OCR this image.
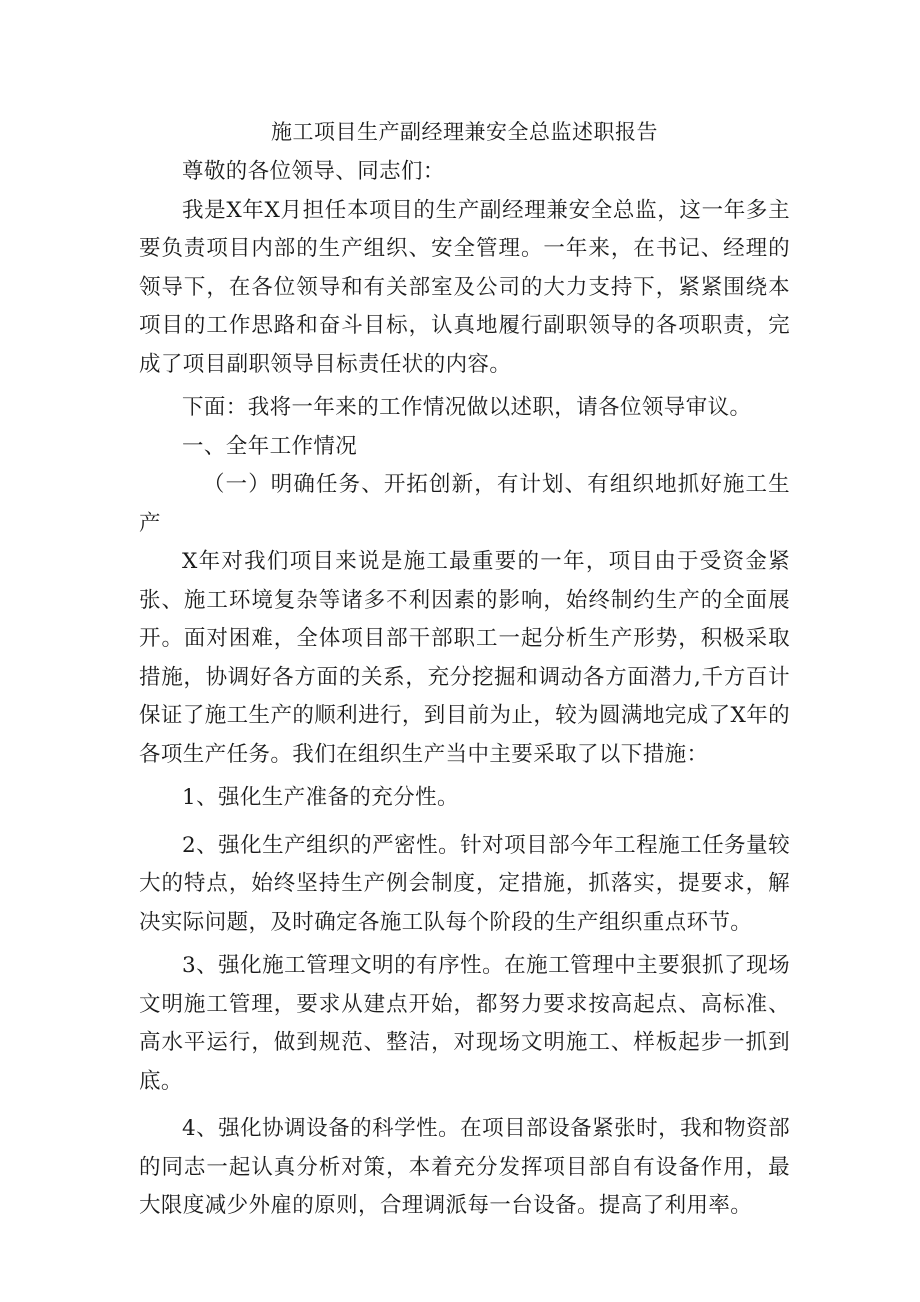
施工项目生产副经理兼安全总监述职报告

尊敬的各位领导、同志们：

我是X年X月担任本项目的生产副经理兼安全总监，这一年多主要负责项目内部的生产组织、安全管理。一年来，在书记、经理的领导下，在各位领导和有关部室及公司的大力支持下，紧紧围绕本项目的工作思路和奋斗目标，认真地履行副职领导的各项职责，完成了项目副职领导目标责任状的内容。

下面：我将一年来的工作情况做以述职，请各位领导审议。

一、全年工作情况

（一）明确任务、开拓创新，有计划、有组织地抓好施工生产

X年对我们项目来说是施工最重要的一年，项目由于受资金紧张、施工环境复杂等诸多不利因素的影响，始终制约生产的全面展开。面对困难，全体项目部干部职工一起分析生产形势，积极采取措施，协调好各方面的关系，充分挖掘和调动各方面潜力,千方百计保证了施工生产的顺利进行，到目前为止，较为圆满地完成了X年的各项生产任务。我们在组织生产当中主要采取了以下措施：

1、强化生产准备的充分性。

2、强化生产组织的严密性。针对项目部今年工程施工任务量较大的特点，始终坚持生产例会制度，定措施，抓落实，提要求，解决实际问题，及时确定各施工队每个阶段的生产组织重点环节。

3、强化施工管理文明的有序性。在施工管理中主要狠抓了现场文明施工管理，要求从建点开始，都努力要求按高起点、高标准、高水平运行，做到规范、整洁，对现场文明施工、样板起步一抓到底。

4、强化协调设备的科学性。在项目部设备紧张时，我和物资部的同志一起认真分析对策，本着充分发挥项目部自有设备作用，最大限度减少外雇的原则，合理调派每一台设备。提高了利用率。
